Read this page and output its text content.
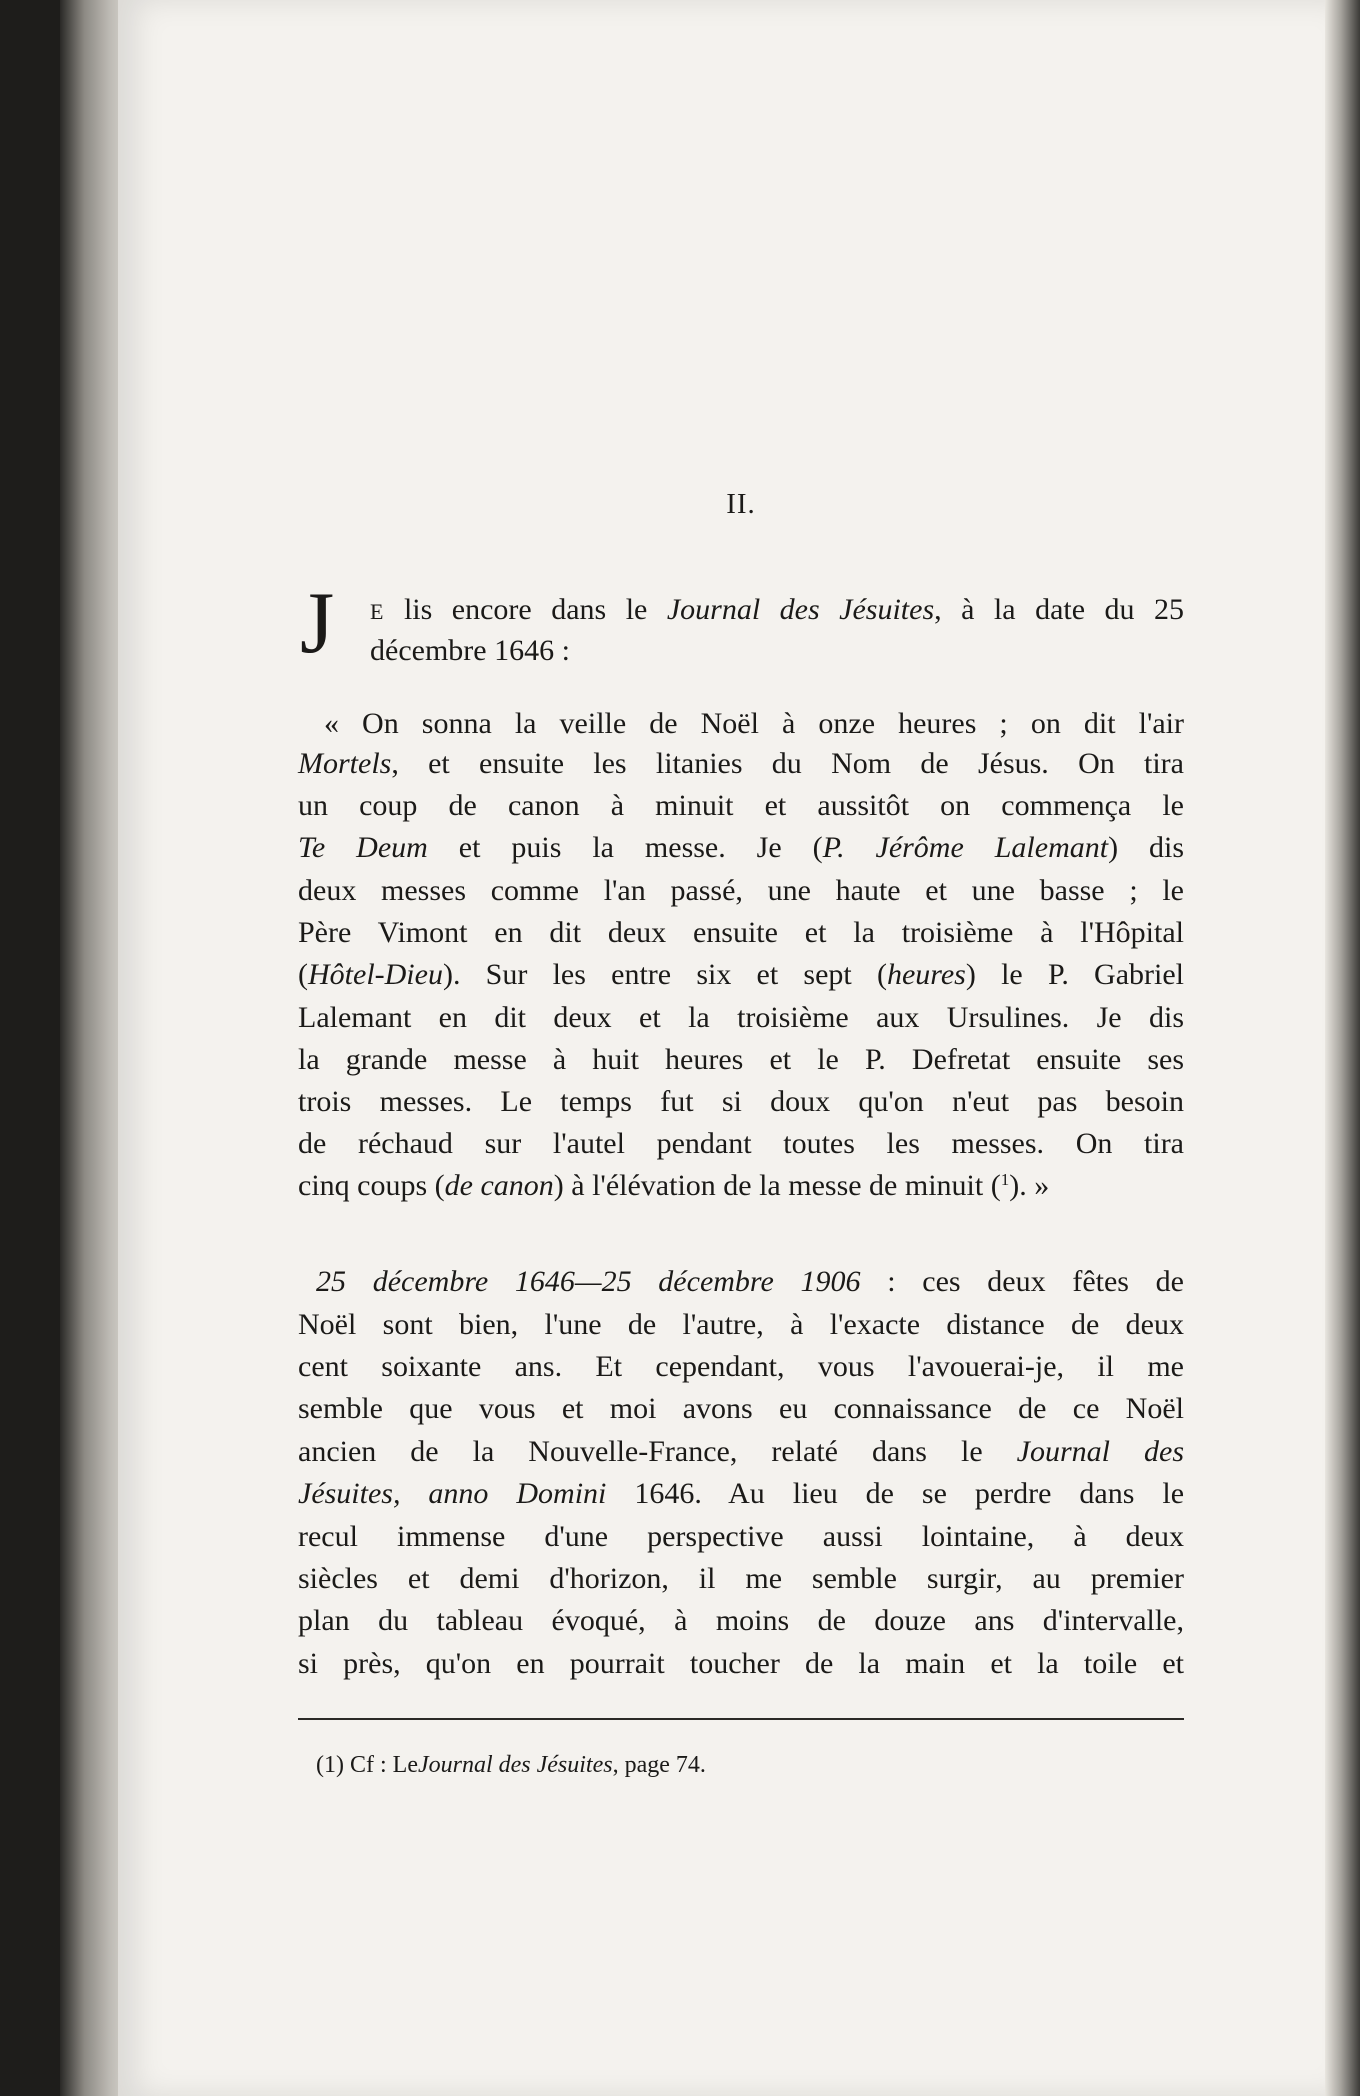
II.
J E lis encore dans le Journal des Jésuites, à la date du 25
décembre 1646 :
« On sonna la veille de Noël à onze heures ; on dit l'air
Mortels, et ensuite les litanies du Nom de Jésus. On tira
un coup de canon à minuit et aussitôt on commença le
Te Deum et puis la messe. Je (P. Jérôme Lalemant) dis
deux messes comme l'an passé, une haute et une basse ; le
Père Vimont en dit deux ensuite et la troisième à l'Hôpital
(Hôtel-Dieu). Sur les entre six et sept (heures) le P. Gabriel
Lalemant en dit deux et la troisième aux Ursulines. Je dis
la grande messe à huit heures et le P. Defretat ensuite ses
trois messes. Le temps fut si doux qu'on n'eut pas besoin
de réchaud sur l'autel pendant toutes les messes. On tira
cinq coups (de canon) à l'élévation de la messe de minuit ($^1$). »
25 décembre 1646—25 décembre 1906 : ces deux fêtes de
Noël sont bien, l'une de l'autre, à l'exacte distance de deux
cent soixante ans. Et cependant, vous l'avouerai-je, il me
semble que vous et moi avons eu connaissance de ce Noël
ancien de la Nouvelle-France, relaté dans le Journal des
Jésuites, anno Domini 1646. Au lieu de se perdre dans le
recul immense d'une perspective aussi lointaine, à deux
siècles et demi d'horizon, il me semble surgir, au premier
plan du tableau évoqué, à moins de douze ans d'intervalle,
si près, qu'on en pourrait toucher de la main et la toile et
(1) Cf : LeJournal des Jésuites, page 74.
